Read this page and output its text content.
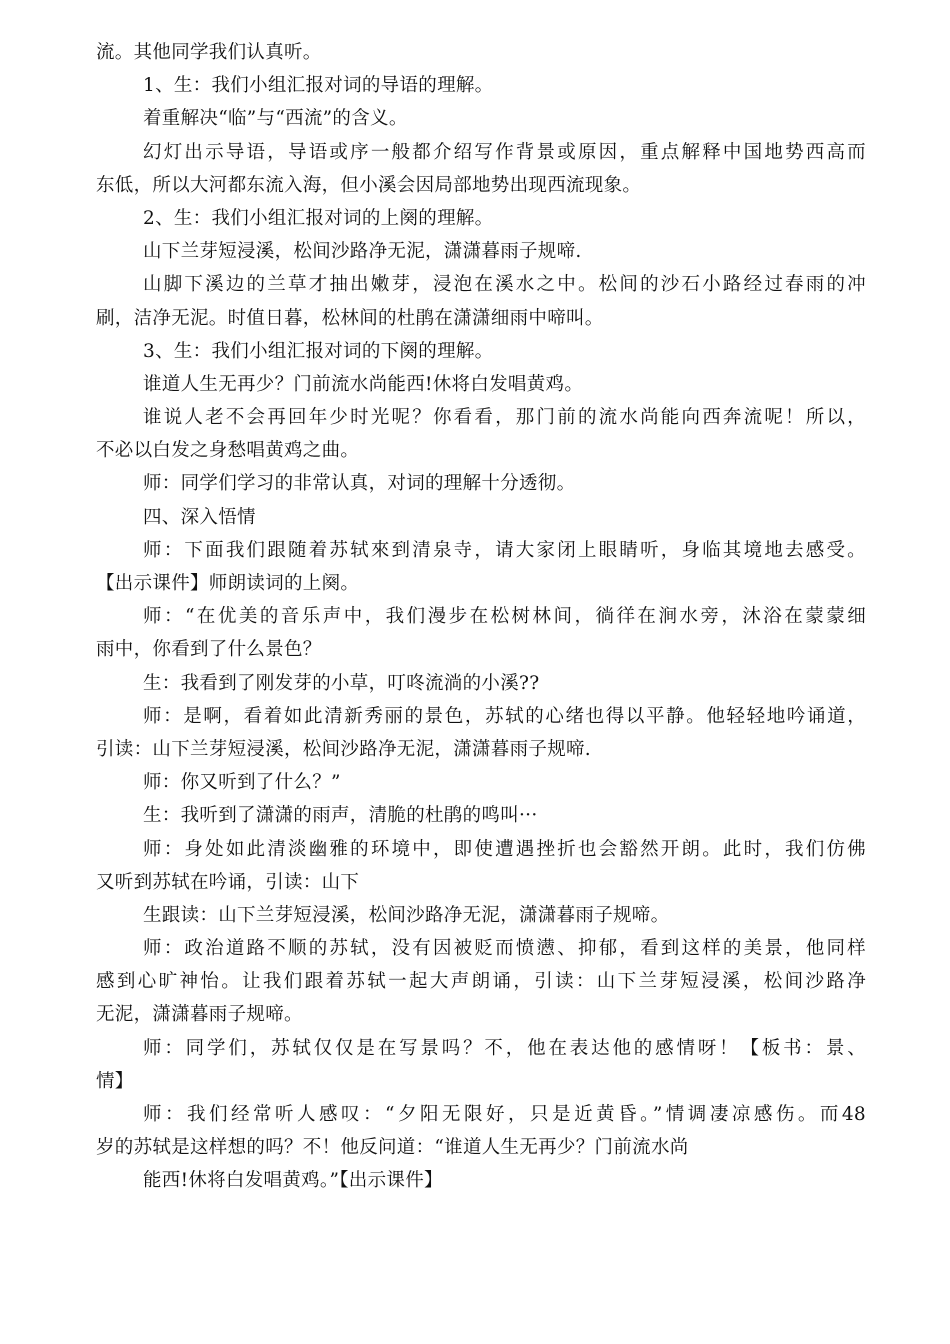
流。其他同学我们认真听。
1、生：我们小组汇报对词的导语的理解。
着重解决“临”与“西流”的含义。
幻灯出示导语，导语或序一般都介绍写作背景或原因，重点解释中国地势西高而
东低，所以大河都东流入海，但小溪会因局部地势出现西流现象。
2、生：我们小组汇报对词的上阕的理解。
山下兰芽短浸溪，松间沙路净无泥，潇潇暮雨子规啼.
山脚下溪边的兰草才抽出嫩芽，浸泡在溪水之中。松间的沙石小路经过春雨的冲
刷，洁净无泥。时值日暮，松林间的杜鹃在潇潇细雨中啼叫。
3、生：我们小组汇报对词的下阕的理解。
谁道人生无再少？门前流水尚能西!休将白发唱黄鸡。
谁说人老不会再回年少时光呢？你看看，那门前的流水尚能向西奔流呢！所以，
不必以白发之身愁唱黄鸡之曲。
师：同学们学习的非常认真，对词的理解十分透彻。
四、深入悟情
师：下面我们跟随着苏轼來到清泉寺，请大家闭上眼睛听，身临其境地去感受。
【出示课件】师朗读词的上阕。
师：“在优美的音乐声中，我们漫步在松树林间，徜徉在涧水旁，沐浴在蒙蒙细
雨中，你看到了什么景色？
生：我看到了刚发芽的小草，叮咚流淌的小溪??
师：是啊，看着如此清新秀丽的景色，苏轼的心绪也得以平静。他轻轻地吟诵道，
引读：山下兰芽短浸溪，松间沙路净无泥，潇潇暮雨子规啼.
师：你又听到了什么？”
生：我听到了潇潇的雨声，清脆的杜鹃的鸣叫···
师：身处如此清淡幽雅的环境中，即使遭遇挫折也会豁然开朗。此时，我们仿佛
又听到苏轼在吟诵，引读：山下
生跟读：山下兰芽短浸溪，松间沙路净无泥，潇潇暮雨子规啼。
师：政治道路不顺的苏轼，没有因被贬而愤懑、抑郁，看到这样的美景，他同样
感到心旷神怡。让我们跟着苏轼一起大声朗诵，引读：山下兰芽短浸溪，松间沙路净
无泥，潇潇暮雨子规啼。
师：同学们，苏轼仅仅是在写景吗？不，他在表达他的感情呀！【板书：景、
情】
师：我们经常听人感叹：“夕阳无限好，只是近黄昏。”情调凄凉感伤。而48
岁的苏轼是这样想的吗？不！他反问道：“谁道人生无再少？门前流水尚
能西!休将白发唱黄鸡。”【出示课件】
